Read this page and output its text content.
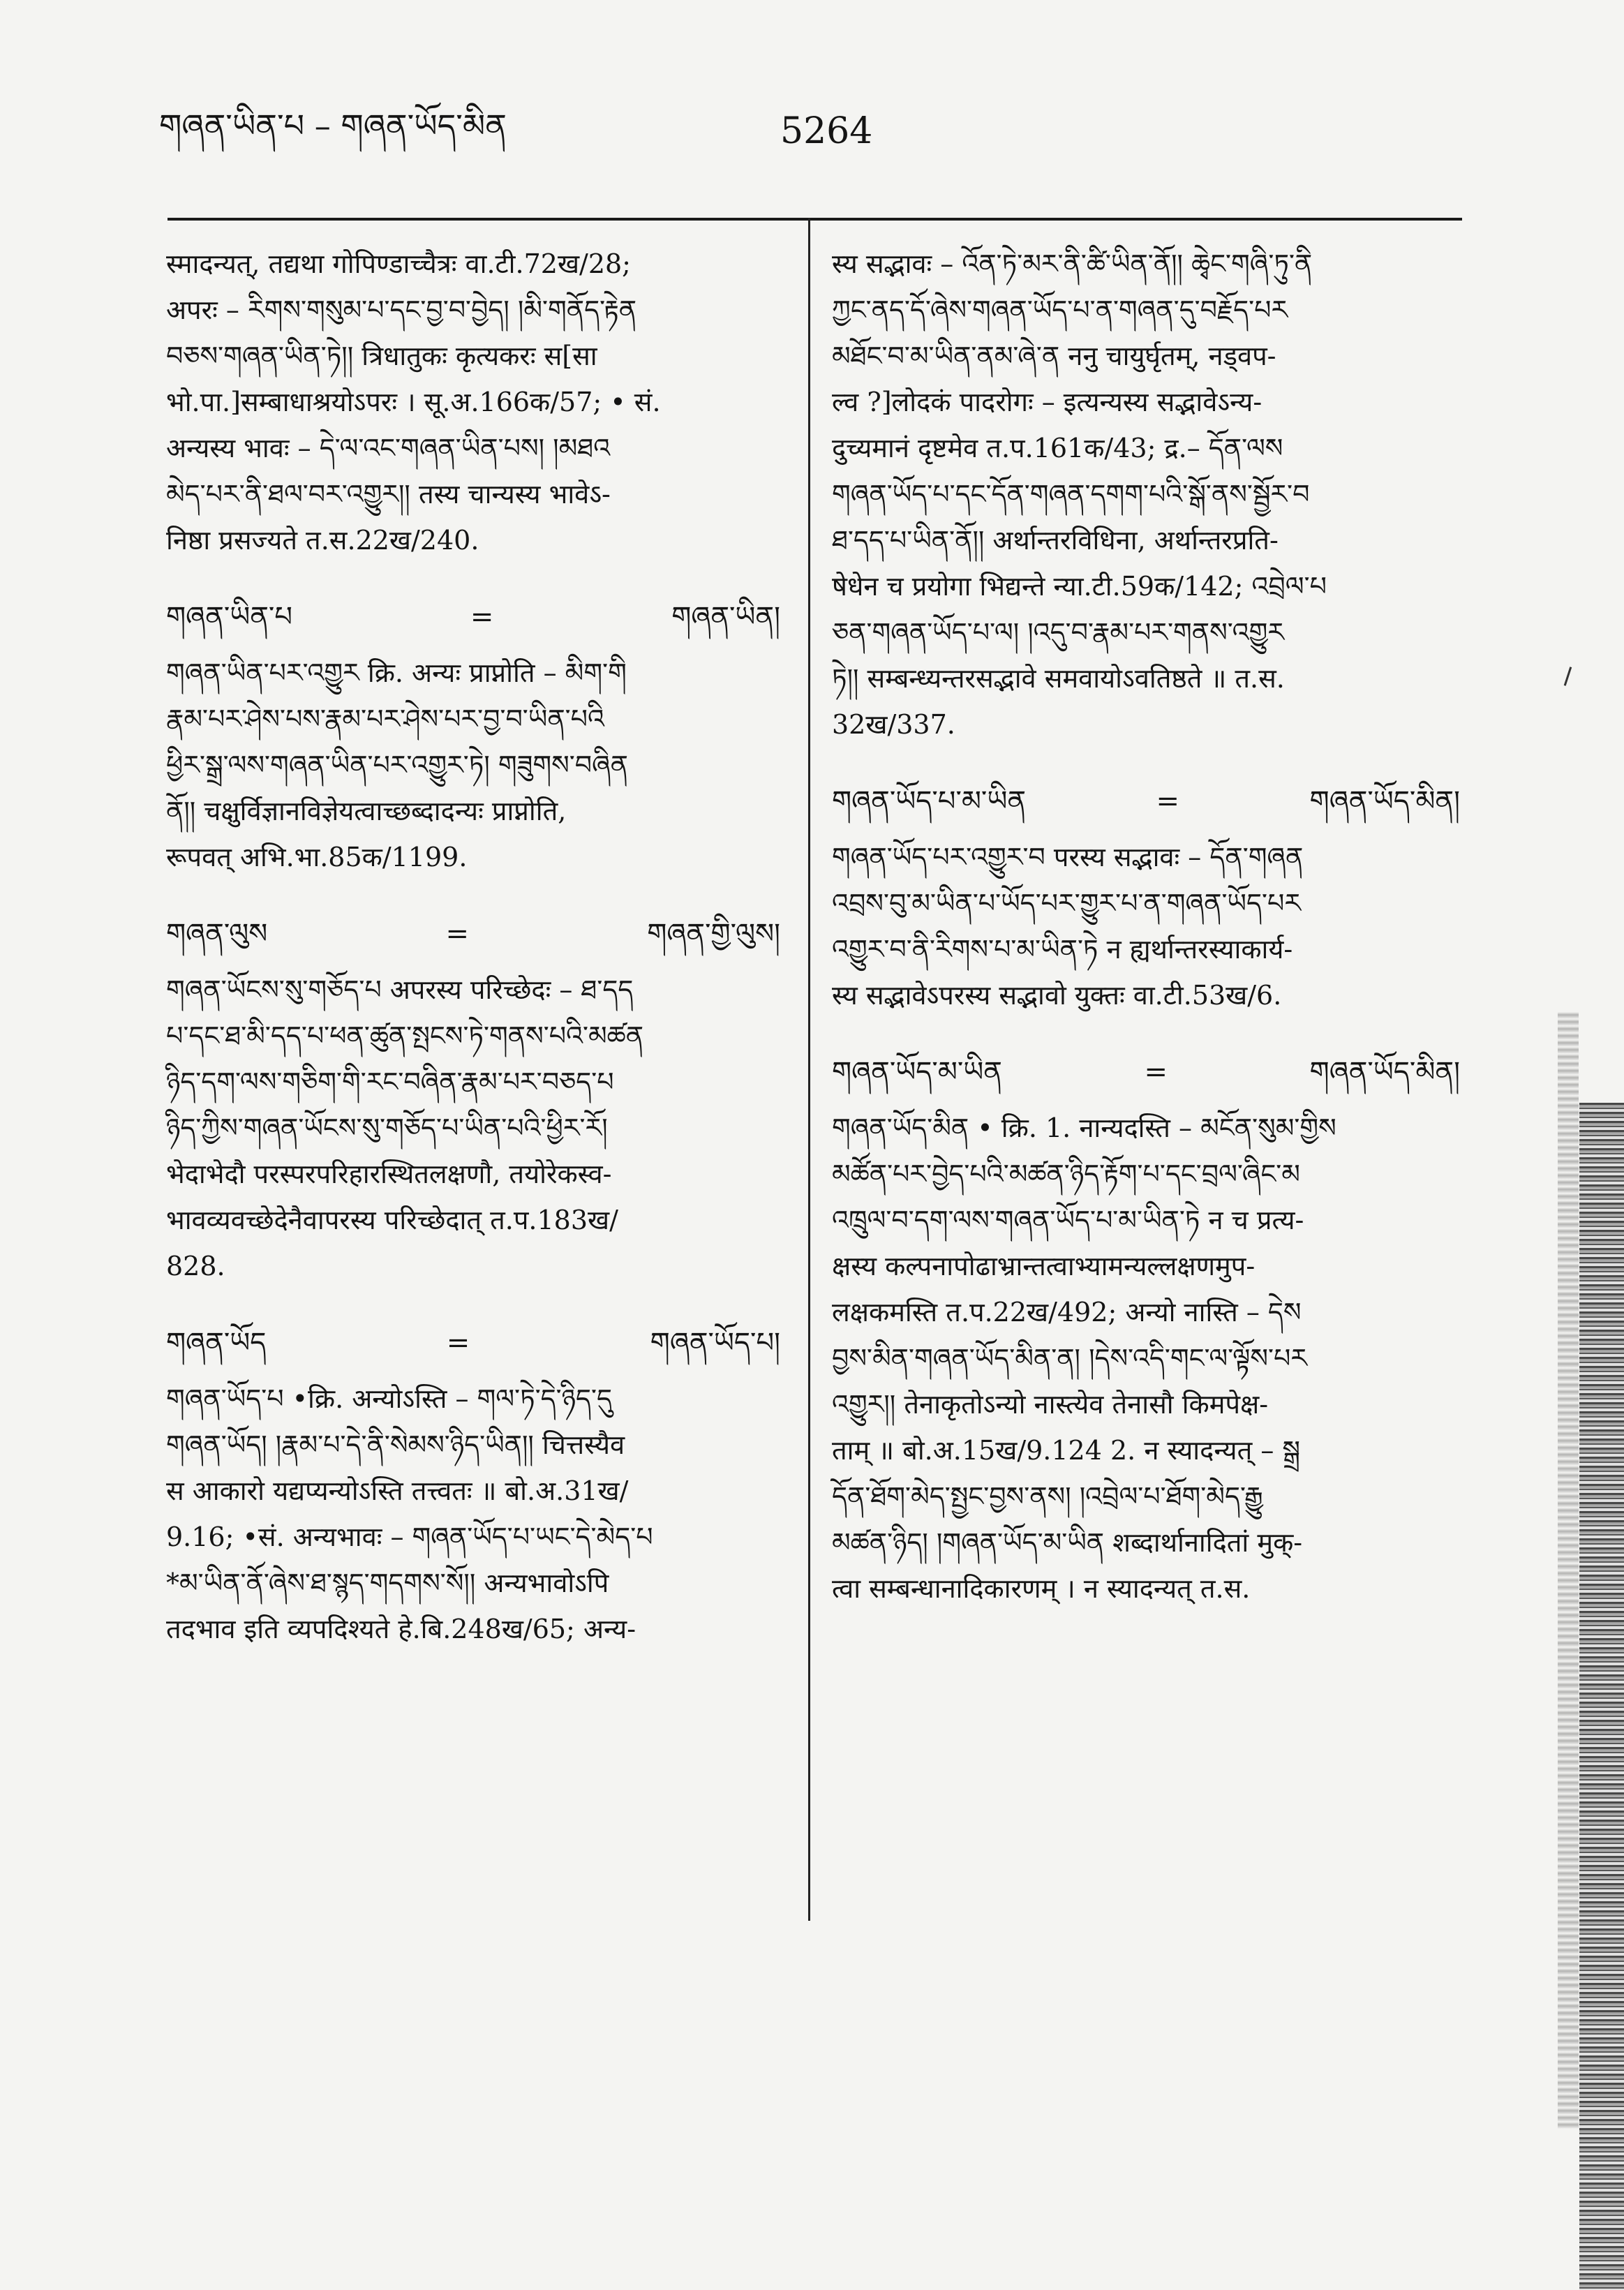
གཞན་ཡིན་པ – གཞན་ཡོད་མིན	5264

स्मादन्यत्, तद्यथा गोपिण्डाच्चैत्रः वा.टी.72ख/28;

अपरः – རིགས་གསུམ་པ་དང་བྱ་བ་བྱེད། །མི་གནོད་རྟེན

བཅས་གཞན་ཡིན་ཏེ།། त्रिधातुकः कृत्यकरः स[सा

भो.पा.]सम्बाधाश्रयोऽपरः । सू.अ.166क/57; • सं.

अन्यस्य भावः – དེ་ལ་འང་གཞན་ཡིན་པས། །མཐའ

མེད་པར་ནི་ཐལ་བར་འགྱུར།། तस्य चान्यस्य भावेऽ-

निष्ठा प्रसज्यते त.स.22ख/240.

གཞན་ཡིན་པ	=	གཞན་ཡིན།

གཞན་ཡིན་པར་འགྱུར क्रि. अन्यः प्राप्नोति – མིག་གི

རྣམ་པར་ཤེས་པས་རྣམ་པར་ཤེས་པར་བྱ་བ་ཡིན་པའི

ཕྱིར་སྒྲ་ལས་གཞན་ཡིན་པར་འགྱུར་ཏེ། གཟུགས་བཞིན

ནོ།། चक्षुर्विज्ञानविज्ञेयत्वाच्छब्दादन्यः प्राप्नोति,

रूपवत् अभि.भा.85क/1199.

གཞན་ལུས	=	གཞན་གྱི་ལུས།

གཞན་ཡོངས་སུ་གཅོད་པ अपरस्य परिच्छेदः – ཐ་དད

པ་དང་ཐ་མི་དད་པ་ཕན་ཚུན་སྤངས་ཏེ་གནས་པའི་མཚན

ཉིད་དག་ལས་གཅིག་གི་རང་བཞིན་རྣམ་པར་བཅད་པ

ཉིད་ཀྱིས་གཞན་ཡོངས་སུ་གཅོད་པ་ཡིན་པའི་ཕྱིར་རོ།

भेदाभेदौ परस्परपरिहारस्थितलक्षणौ, तयोरेकस्व-

भावव्यवच्छेदेनैवापरस्य परिच्छेदात् त.प.183ख/

828.

གཞན་ཡོད	=	གཞན་ཡོད་པ།

གཞན་ཡོད་པ •क्रि. अन्योऽस्ति – གལ་ཏེ་དེ་ཉིད་དུ

གཞན་ཡོད། །རྣམ་པ་དེ་ནི་སེམས་ཉིད་ཡིན།། चित्तस्यैव

स आकारो यद्यप्यन्योऽस्ति तत्त्वतः ॥ बो.अ.31ख/

9.16; •सं. अन्यभावः – གཞན་ཡོད་པ་ཡང་དེ་མེད་པ

*མ་ཡིན་ནོ་ཞེས་ཐ་སྙད་གདགས་སོ།། अन्यभावोऽपि

तदभाव इति व्यपदिश्यते हे.बि.248ख/65; अन्य-

स्य सद्भावः – འོན་ཏེ་མར་ནི་ཚི་ཡིན་ནོ།། ཆྭེང་གཞི་ཏུ་ནི

ཀྱང་ནད་དོ་ཞེས་གཞན་ཡོད་པ་ན་གཞན་དུ་བརྗོད་པར

མཐོང་བ་མ་ཡིན་ནམ་ཞེ་ན ननु चायुर्घृतम्, नड्वप-

ल्व ?]लोदकं पादरोगः – इत्यन्यस्य सद्भावेऽन्य-

दुच्यमानं दृष्टमेव त.प.161क/43; द्र.– དོན་ལས

གཞན་ཡོད་པ་དང་དོན་གཞན་དགག་པའི་སྒོ་ནས་སྦྱོར་བ

ཐ་དད་པ་ཡིན་ནོ།། अर्थान्तरविधिना, अर्थान्तरप्रति-

षेधेन च प्रयोगा भिद्यन्ते न्या.टी.59क/142; འབྲེལ་པ

ཅན་གཞན་ཡོད་པ་ལ། །འདུ་བ་རྣམ་པར་གནས་འགྱུར

ཏེ།། सम्बन्ध्यन्तरसद्भावे समवायोऽवतिष्ठते ॥ त.स.

32ख/337.

གཞན་ཡོད་པ་མ་ཡིན	=	གཞན་ཡོད་མིན།

གཞན་ཡོད་པར་འགྱུར་བ परस्य सद्भावः – དོན་གཞན

འབྲས་བུ་མ་ཡིན་པ་ཡོད་པར་གྱུར་པ་ན་གཞན་ཡོད་པར

འགྱུར་བ་ནི་རིགས་པ་མ་ཡིན་ཏེ न ह्यर्थान्तरस्याकार्य-

स्य सद्भावेऽपरस्य सद्भावो युक्तः वा.टी.53ख/6.

གཞན་ཡོད་མ་ཡིན	=	གཞན་ཡོད་མིན།

གཞན་ཡོད་མིན • क्रि. 1. नान्यदस्ति – མངོན་སུམ་གྱིས

མཚོན་པར་བྱེད་པའི་མཚན་ཉིད་རྟོག་པ་དང་བྲལ་ཞིང་མ

འཁྲུལ་བ་དག་ལས་གཞན་ཡོད་པ་མ་ཡིན་ཏེ न च प्रत्य-

क्षस्य कल्पनापोढाभ्रान्तत्वाभ्यामन्यल्लक्षणमुप-

लक्षकमस्ति त.प.22ख/492; अन्यो नास्ति – དེས

བྱས་མིན་གཞན་ཡོད་མིན་ན། །དེས་འདི་གང་ལ་ལྟོས་པར

འགྱུར།། तेनाकृतोऽन्यो नास्त्येव तेनासौ किमपेक्ष-

ताम् ॥ बो.अ.15ख/9.124 2. न स्यादन्यत् – སྒྲ

དོན་ཐོག་མེད་སྤྱང་བྱས་ནས། །འབྲེལ་པ་ཐོག་མེད་རྒྱུ

མཚན་ཉིད། །གཞན་ཡོད་མ་ཡིན शब्दार्थानादितां मुक्-

त्वा सम्बन्धानादिकारणम् । न स्यादन्यत् त.स.
